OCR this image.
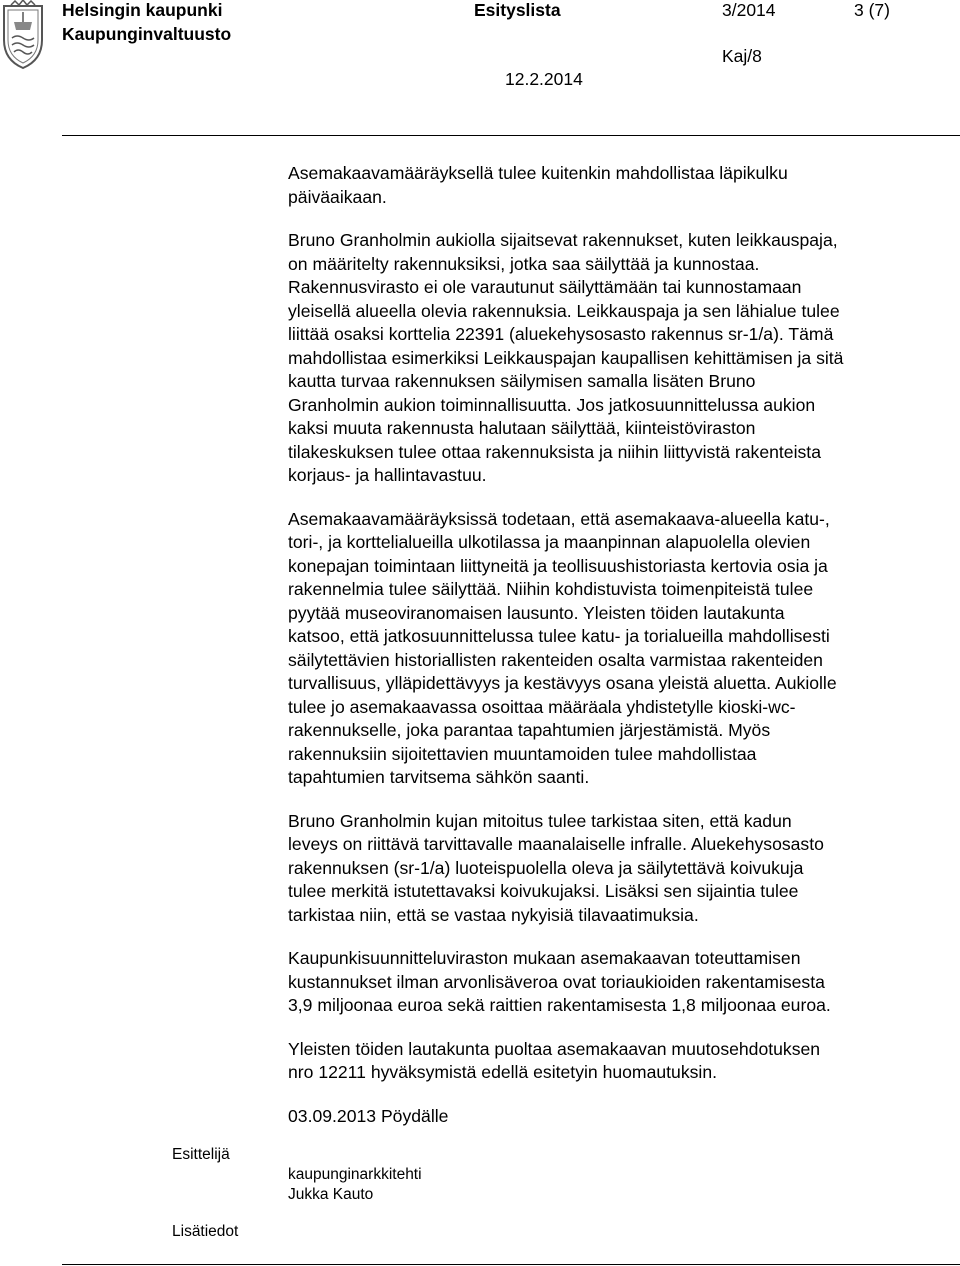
Helsingin kaupunki
Kaupunginvaltuusto
Esityslista	3/2014	3 (7)
Kaj/8
12.2.2014
Asemakaavamääräyksellä tulee kuitenkin mahdollistaa läpikulku
päiväaikaan.
Bruno Granholmin aukiolla sijaitsevat rakennukset, kuten leikkauspaja,
on määritelty rakennuksiksi, jotka saa säilyttää ja kunnostaa.
Rakennusvirasto ei ole varautunut säilyttämään tai kunnostamaan
yleisellä alueella olevia rakennuksia. Leikkauspaja ja sen lähialue tulee
liittää osaksi korttelia 22391 (aluekehysosasto rakennus sr-1/a). Tämä
mahdollistaa esimerkiksi Leikkauspajan kaupallisen kehittämisen ja sitä
kautta turvaa rakennuksen säilymisen samalla lisäten Bruno
Granholmin aukion toiminnallisuutta. Jos jatkosuunnittelussa aukion
kaksi muuta rakennusta halutaan säilyttää, kiinteistöviraston
tilakeskuksen tulee ottaa rakennuksista ja niihin liittyvistä rakenteista
korjaus- ja hallintavastuu.
Asemakaavamääräyksissä todetaan, että asemakaava-alueella katu-,
tori-, ja korttelialueilla ulkotilassa ja maanpinnan alapuolella olevien
konepajan toimintaan liittyneitä ja teollisuushistoriasta kertovia osia ja
rakennelmia tulee säilyttää. Niihin kohdistuvista toimenpiteistä tulee
pyytää museoviranomaisen lausunto. Yleisten töiden lautakunta
katsoo, että jatkosuunnittelussa tulee katu- ja torialueilla mahdollisesti
säilytettävien historiallisten rakenteiden osalta varmistaa rakenteiden
turvallisuus, ylläpidettävyys ja kestävyys osana yleistä aluetta. Aukiolle
tulee jo asemakaavassa osoittaa määräala yhdistetylle kioski-wc-
rakennukselle, joka parantaa tapahtumien järjestämistä. Myös
rakennuksiin sijoitettavien muuntamoiden tulee mahdollistaa
tapahtumien tarvitsema sähkön saanti.
Bruno Granholmin kujan mitoitus tulee tarkistaa siten, että kadun
leveys on riittävä tarvittavalle maanalaiselle infralle. Aluekehysosasto
rakennuksen (sr-1/a) luoteispuolella oleva ja säilytettävä koivukuja
tulee merkitä istutettavaksi koivukujaksi. Lisäksi sen sijaintia tulee
tarkistaa niin, että se vastaa nykyisiä tilavaatimuksia.
Kaupunkisuunnitteluviraston mukaan asemakaavan toteuttamisen
kustannukset ilman arvonlisäveroa ovat toriaukioiden rakentamisesta
3,9 miljoonaa euroa sekä raittien rakentamisesta 1,8 miljoonaa euroa.
Yleisten töiden lautakunta puoltaa asemakaavan muutosehdotuksen
nro 12211 hyväksymistä edellä esitetyin huomautuksin.
03.09.2013 Pöydälle
Esittelijä
kaupunginarkkitehti
Jukka Kauto
Lisätiedot
